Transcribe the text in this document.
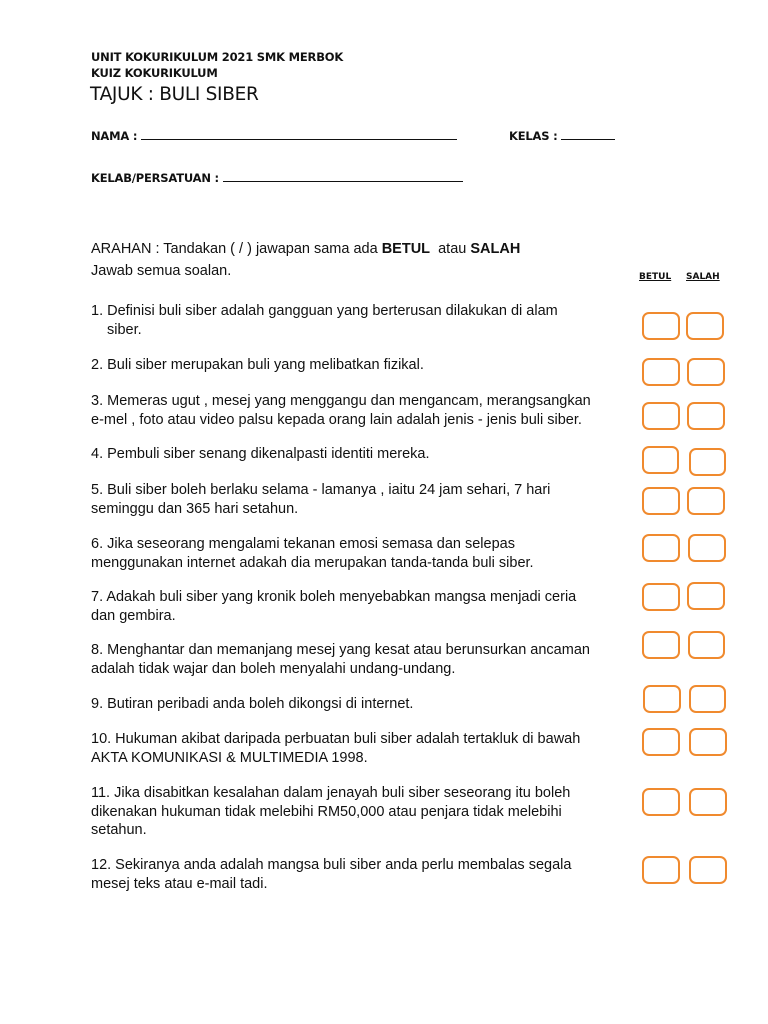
UNIT KOKURIKULUM 2021 SMK MERBOK
KUIZ KOKURIKULUM
TAJUK : BULI SIBER
NAMA :	KELAS :
KELAB/PERSATUAN :
ARAHAN : Tandakan ( / ) jawapan sama ada BETUL atau SALAH
Jawab semua soalan.	BETUL SALAH
1. Definisi buli siber adalah gangguan yang berterusan dilakukan di alam
siber.
2. Buli siber merupakan buli yang melibatkan fizikal.
3. Memeras ugut , mesej yang menggangu dan mengancam, merangsangkan
e-mel , foto atau video palsu kepada orang lain adalah jenis - jenis buli siber.
4. Pembuli siber senang dikenalpasti identiti mereka.
5. Buli siber boleh berlaku selama - lamanya , iaitu 24 jam sehari, 7 hari
seminggu dan 365 hari setahun.
6. Jika seseorang mengalami tekanan emosi semasa dan selepas
menggunakan internet adakah dia merupakan tanda-tanda buli siber.
7. Adakah buli siber yang kronik boleh menyebabkan mangsa menjadi ceria
dan gembira.
8. Menghantar dan memanjang mesej yang kesat atau berunsurkan ancaman
adalah tidak wajar dan boleh menyalahi undang-undang.
9. Butiran peribadi anda boleh dikongsi di internet.
10. Hukuman akibat daripada perbuatan buli siber adalah tertakluk di bawah
AKTA KOMUNIKASI & MULTIMEDIA 1998.
11. Jika disabitkan kesalahan dalam jenayah buli siber seseorang itu boleh
dikenakan hukuman tidak melebihi RM50,000 atau penjara tidak melebihi
setahun.
12. Sekiranya anda adalah mangsa buli siber anda perlu membalas segala
mesej teks atau e-mail tadi.
